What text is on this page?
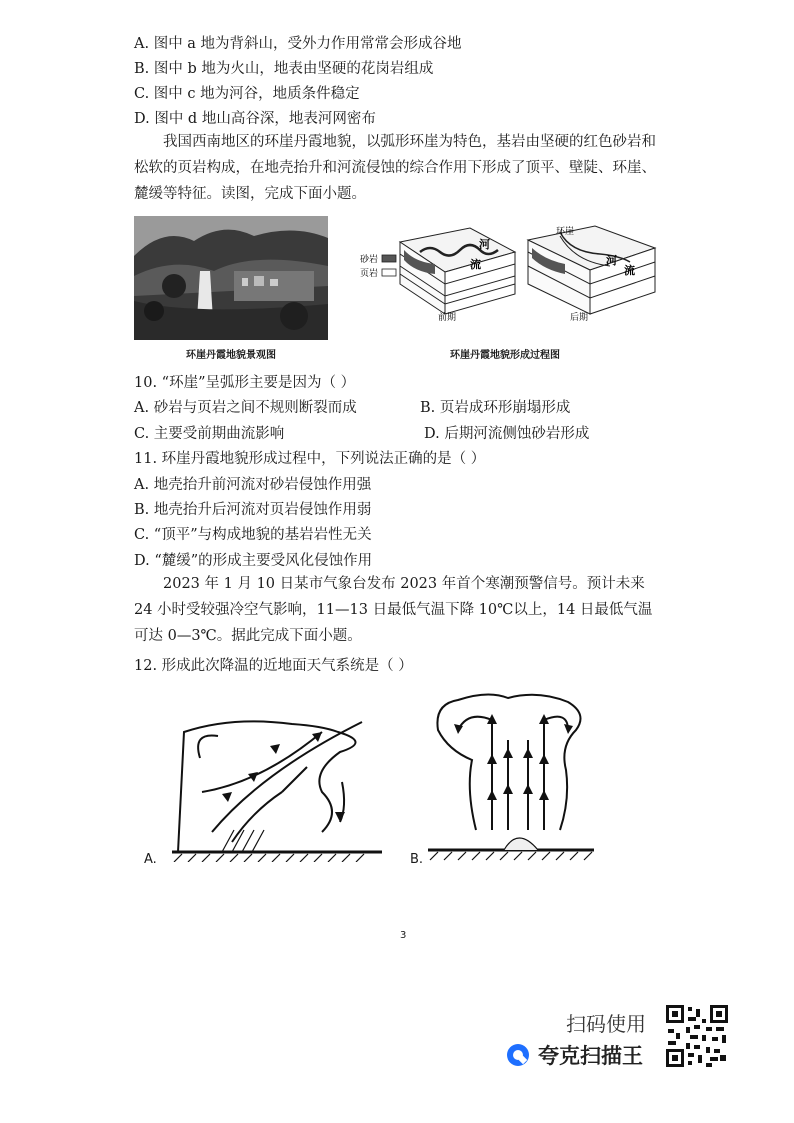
A. 图中 a 地为背斜山，受外力作用常常会形成谷地
B. 图中 b 地为火山，地表由坚硬的花岗岩组成
C. 图中 c 地为河谷，地质条件稳定
D. 图中 d 地山高谷深，地表河网密布
我国西南地区的环崖丹霞地貌，以弧形环崖为特色，基岩由坚硬的红色砂岩和松软的页岩构成，在地壳抬升和河流侵蚀的综合作用下形成了顶平、壁陡、环崖、麓缓等特征。读图，完成下面小题。
环崖丹霞地貌景观图
砂岩
页岩
河
流	河
流
环崖
前期	后期
环崖丹霞地貌形成过程图
10. “环崖”呈弧形主要是因为（ ）
A. 砂岩与页岩之间不规则断裂而成	B. 页岩成环形崩塌形成
C. 主要受前期曲流影响	D. 后期河流侧蚀砂岩形成
11. 环崖丹霞地貌形成过程中，下列说法正确的是（ ）
A. 地壳抬升前河流对砂岩侵蚀作用强
B. 地壳抬升后河流对页岩侵蚀作用弱
C. “顶平”与构成地貌的基岩岩性无关
D. “麓缓”的形成主要受风化侵蚀作用
2023 年 1 月 10 日某市气象台发布 2023 年首个寒潮预警信号。预计未来 24 小时受较强冷空气影响，11—13 日最低气温下降 10℃以上，14 日最低气温可达 0—3℃。据此完成下面小题。
12. 形成此次降温的近地面天气系统是（ ）
A.	B.
3
扫码使用
夸克扫描王
